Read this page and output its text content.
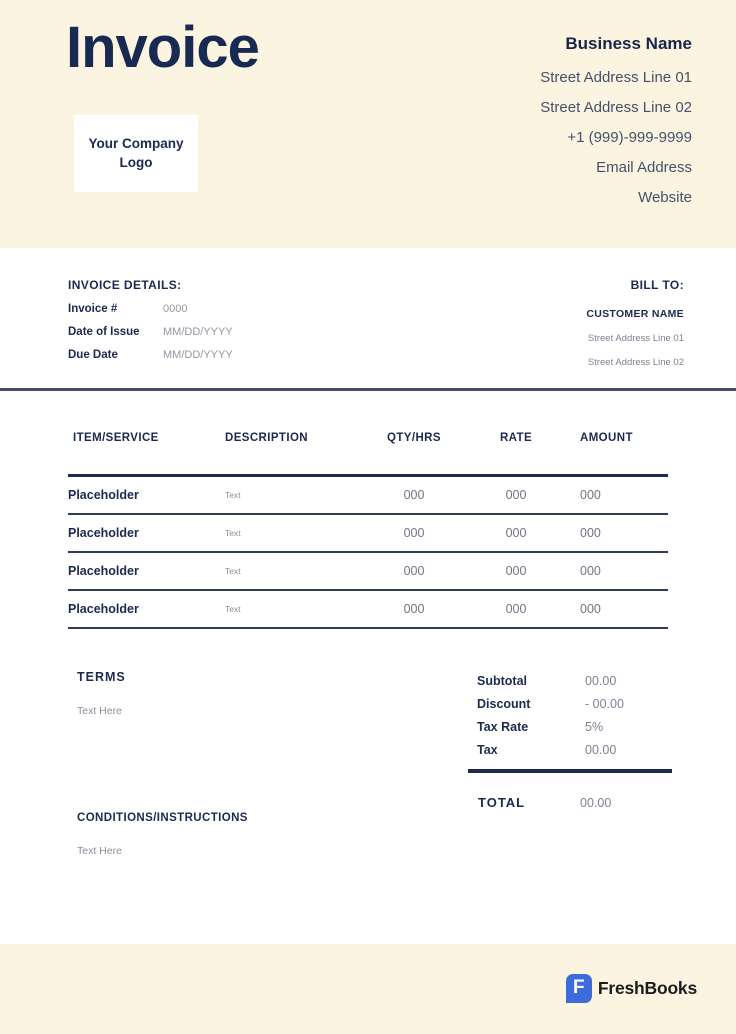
Invoice
Your Company Logo
Business Name
Street Address Line 01
Street Address Line 02
+1 (999)-999-9999
Email Address
Website
INVOICE DETAILS:
Invoice #	0000
Date of Issue	MM/DD/YYYY
Due Date	MM/DD/YYYY
BILL TO:
CUSTOMER NAME
Street Address Line 01
Street Address Line 02
ITEM/SERVICE	DESCRIPTION	QTY/HRS	RATE	AMOUNT
Placeholder	Text	000	000	000
Placeholder	Text	000	000	000
Placeholder	Text	000	000	000
Placeholder	Text	000	000	000
TERMS
Text Here
Subtotal	00.00
Discount	- 00.00
Tax Rate	5%
Tax	00.00
TOTAL	00.00
CONDITIONS/INSTRUCTIONS
Text Here
F FreshBooks
